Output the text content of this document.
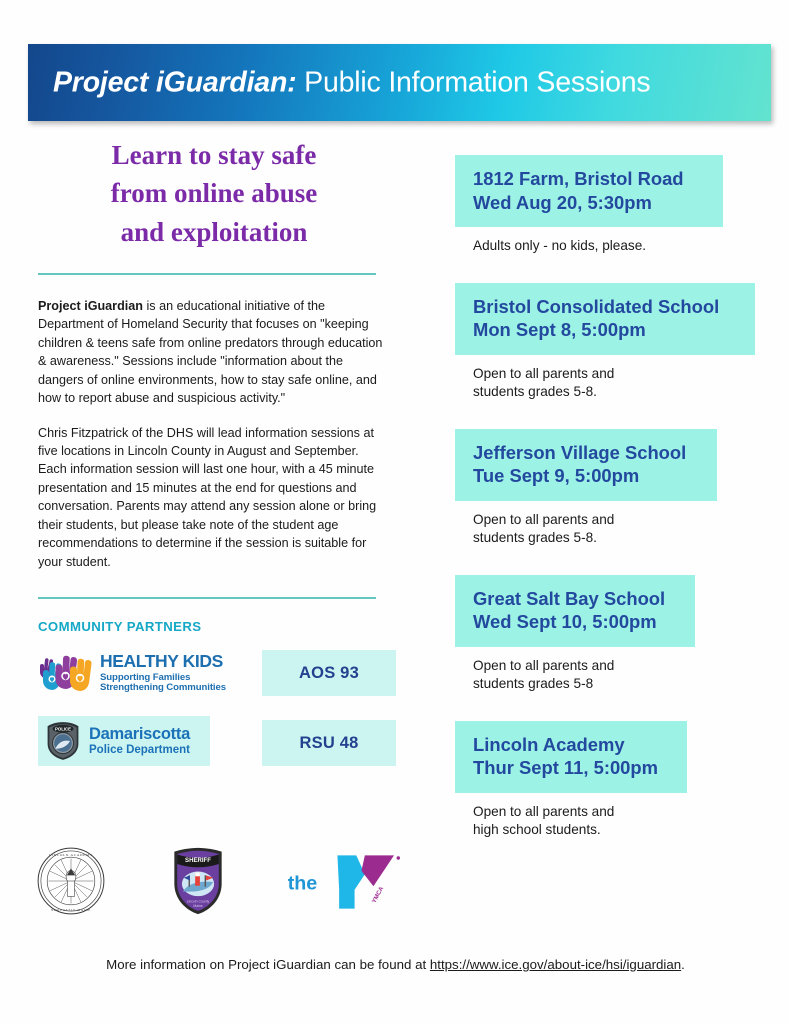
Project iGuardian: Public Information Sessions
Learn to stay safe
from online abuse
and exploitation

Project iGuardian is an educational initiative of the Department of Homeland Security that focuses on "keeping children & teens safe from online predators through education & awareness." Sessions include "information about the dangers of online environments, how to stay safe online, and how to report abuse and suspicious activity."

Chris Fitzpatrick of the DHS will lead information sessions at five locations in Lincoln County in August and September. Each information session will last one hour, with a 45 minute presentation and 15 minutes at the end for questions and conversation. Parents may attend any session alone or bring their students, but please take note of the student age recommendations to determine if the session is suitable for your student.

COMMUNITY PARTNERS
HEALTHY KIDS
Supporting Families
Strengthening Communities
AOS 93
POLICE Damariscotta
Police Department	RSU 48
LINCOLN ACADEMY
NEWCASTLE MAINE
SHERIFF
Lincoln County
Maine
the
YMCA
1812 Farm, Bristol Road
Wed Aug 20, 5:30pm
Adults only - no kids, please.
Bristol Consolidated School
Mon Sept 8, 5:00pm
Open to all parents and
students grades 5-8.
Jefferson Village School
Tue Sept 9, 5:00pm
Open to all parents and
students grades 5-8.
Great Salt Bay School
Wed Sept 10, 5:00pm
Open to all parents and
students grades 5-8
Lincoln Academy
Thur Sept 11, 5:00pm
Open to all parents and
high school students.
More information on Project iGuardian can be found at https://www.ice.gov/about-ice/hsi/iguardian.
